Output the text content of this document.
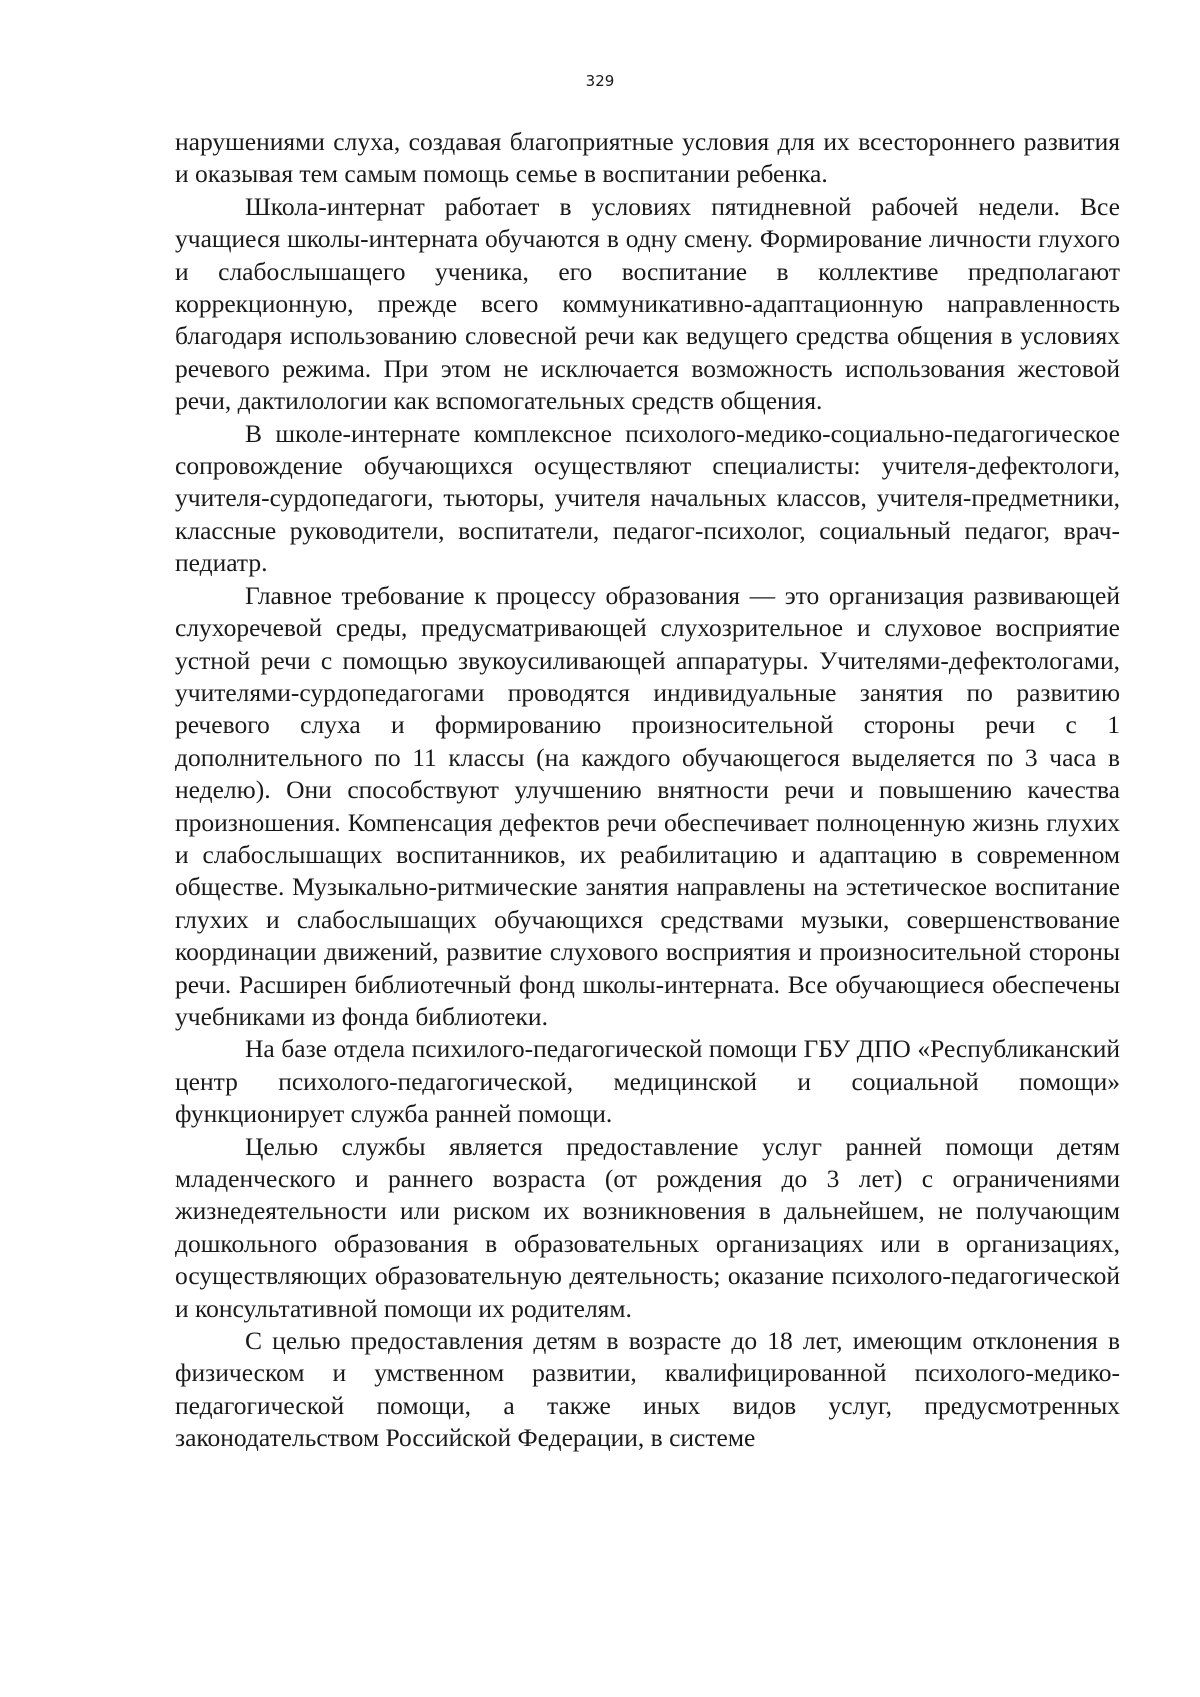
329

нарушениями слуха, создавая благоприятные условия для их всестороннего развития и оказывая тем самым помощь семье в воспитании ребенка.

Школа-интернат работает в условиях пятидневной рабочей недели. Все учащиеся школы-интерната обучаются в одну смену. Формирование личности глухого и слабослышащего ученика, его воспитание в коллективе предполагают коррекционную, прежде всего коммуникативно-адаптационную направленность благодаря использованию словесной речи как ведущего средства общения в условиях речевого режима. При этом не исключается возможность использования жестовой речи, дактилологии как вспомогательных средств общения.

В школе-интернате комплексное психолого-медико-социально-педагогическое сопровождение обучающихся осуществляют специалисты: учителя-дефектологи, учителя-сурдопедагоги, тьюторы, учителя начальных классов, учителя-предметники, классные руководители, воспитатели, педагог-психолог, социальный педагог, врач-педиатр.

Главное требование к процессу образования — это организация развивающей слухоречевой среды, предусматривающей слухозрительное и слуховое восприятие устной речи с помощью звукоусиливающей аппаратуры. Учителями-дефектологами, учителями-сурдопедагогами проводятся индивидуальные занятия по развитию речевого слуха и формированию произносительной стороны речи с 1 дополнительного по 11 классы (на каждого обучающегося выделяется по 3 часа в неделю). Они способствуют улучшению внятности речи и повышению качества произношения. Компенсация дефектов речи обеспечивает полноценную жизнь глухих и слабослышащих воспитанников, их реабилитацию и адаптацию в современном обществе. Музыкально-ритмические занятия направлены на эстетическое воспитание глухих и слабослышащих обучающихся средствами музыки, совершенствование координации движений, развитие слухового восприятия и произносительной стороны речи. Расширен библиотечный фонд школы-интерната. Все обучающиеся обеспечены учебниками из фонда библиотеки.

На базе отдела психилого-педагогической помощи ГБУ ДПО «Республиканский центр психолого-педагогической, медицинской и социальной помощи» функционирует служба ранней помощи.

Целью службы является предоставление услуг ранней помощи детям младенческого и раннего возраста (от рождения до 3 лет) с ограничениями жизнедеятельности или риском их возникновения в дальнейшем, не получающим дошкольного образования в образовательных организациях или в организациях, осуществляющих образовательную деятельность; оказание психолого-педагогической и консультативной помощи их родителям.

С целью предоставления детям в возрасте до 18 лет, имеющим отклонения в физическом и умственном развитии, квалифицированной психолого-медико-педагогической помощи, а также иных видов услуг, предусмотренных законодательством Российской Федерации, в системе
